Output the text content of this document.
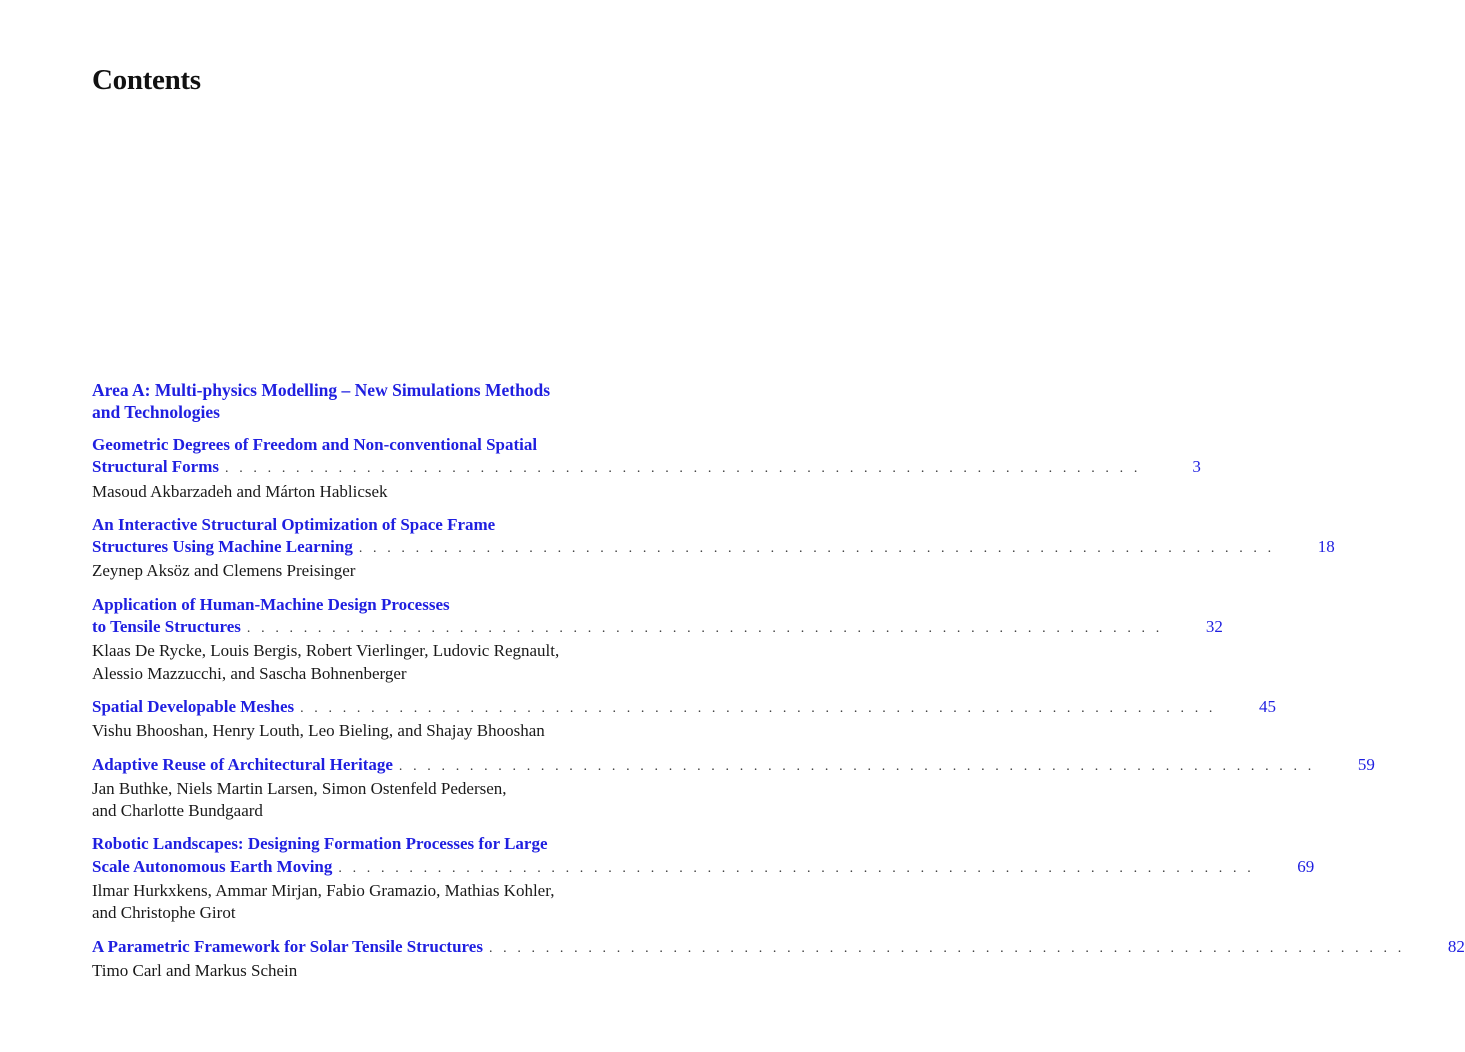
Contents
Area A: Multi-physics Modelling – New Simulations Methods
and Technologies
Geometric Degrees of Freedom and Non-conventional Spatial
Structural Forms . . . . . . . . . . . . . . . . . . . . . . . . . . . . . . . . . . . . . . . . . . . . . . . . . . . . . . . . . . . . . . . . .	3
Masoud Akbarzadeh and Márton Hablicsek
An Interactive Structural Optimization of Space Frame
Structures Using Machine Learning . . . . . . . . . . . . . . . . . . . . . . . . . . . . . . . . . . . . . . . . . . . . . . . . . . . . . . . . . . . . . . . . .	18
Zeynep Aksöz and Clemens Preisinger
Application of Human-Machine Design Processes
to Tensile Structures . . . . . . . . . . . . . . . . . . . . . . . . . . . . . . . . . . . . . . . . . . . . . . . . . . . . . . . . . . . . . . . . .	32
Klaas De Rycke, Louis Bergis, Robert Vierlinger, Ludovic Regnault,
Alessio Mazzucchi, and Sascha Bohnenberger
Spatial Developable Meshes . . . . . . . . . . . . . . . . . . . . . . . . . . . . . . . . . . . . . . . . . . . . . . . . . . . . . . . . . . . . . . . . .	45
Vishu Bhooshan, Henry Louth, Leo Bieling, and Shajay Bhooshan
Adaptive Reuse of Architectural Heritage . . . . . . . . . . . . . . . . . . . . . . . . . . . . . . . . . . . . . . . . . . . . . . . . . . . . . . . . . . . . . . . . .	59
Jan Buthke, Niels Martin Larsen, Simon Ostenfeld Pedersen,
and Charlotte Bundgaard
Robotic Landscapes: Designing Formation Processes for Large
Scale Autonomous Earth Moving . . . . . . . . . . . . . . . . . . . . . . . . . . . . . . . . . . . . . . . . . . . . . . . . . . . . . . . . . . . . . . . . .	69
Ilmar Hurkxkens, Ammar Mirjan, Fabio Gramazio, Mathias Kohler,
and Christophe Girot
A Parametric Framework for Solar Tensile Structures . . . . . . . . . . . . . . . . . . . . . . . . . . . . . . . . . . . . . . . . . . . . . . . . . . . . . . . . . . . . . . . . .	82
Timo Carl and Markus Schein
